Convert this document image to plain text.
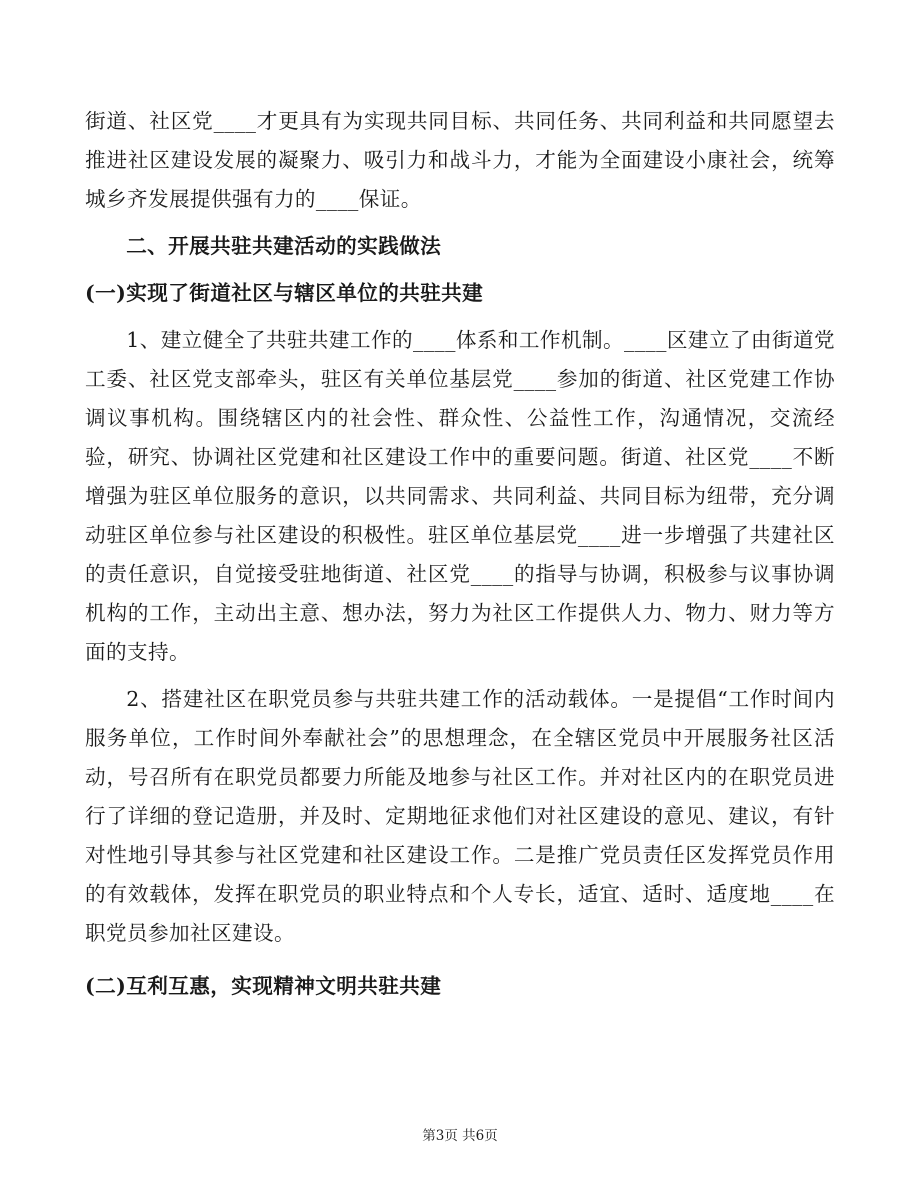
街道、社区党____才更具有为实现共同目标、共同任务、共同利益和共同愿望去推进社区建设发展的凝聚力、吸引力和战斗力，才能为全面建设小康社会，统筹城乡齐发展提供强有力的____保证。

二、开展共驻共建活动的实践做法

(一)实现了街道社区与辖区单位的共驻共建

1、建立健全了共驻共建工作的____体系和工作机制。____区建立了由街道党工委、社区党支部牵头，驻区有关单位基层党____参加的街道、社区党建工作协调议事机构。围绕辖区内的社会性、群众性、公益性工作，沟通情况，交流经验，研究、协调社区党建和社区建设工作中的重要问题。街道、社区党____不断增强为驻区单位服务的意识，以共同需求、共同利益、共同目标为纽带，充分调动驻区单位参与社区建设的积极性。驻区单位基层党____进一步增强了共建社区的责任意识，自觉接受驻地街道、社区党____的指导与协调，积极参与议事协调机构的工作，主动出主意、想办法，努力为社区工作提供人力、物力、财力等方面的支持。

2、搭建社区在职党员参与共驻共建工作的活动载体。一是提倡“工作时间内服务单位，工作时间外奉献社会”的思想理念，在全辖区党员中开展服务社区活动，号召所有在职党员都要力所能及地参与社区工作。并对社区内的在职党员进行了详细的登记造册，并及时、定期地征求他们对社区建设的意见、建议，有针对性地引导其参与社区党建和社区建设工作。二是推广党员责任区发挥党员作用的有效载体，发挥在职党员的职业特点和个人专长，适宜、适时、适度地____在职党员参加社区建设。

(二)互利互惠，实现精神文明共驻共建

第3页 共6页
